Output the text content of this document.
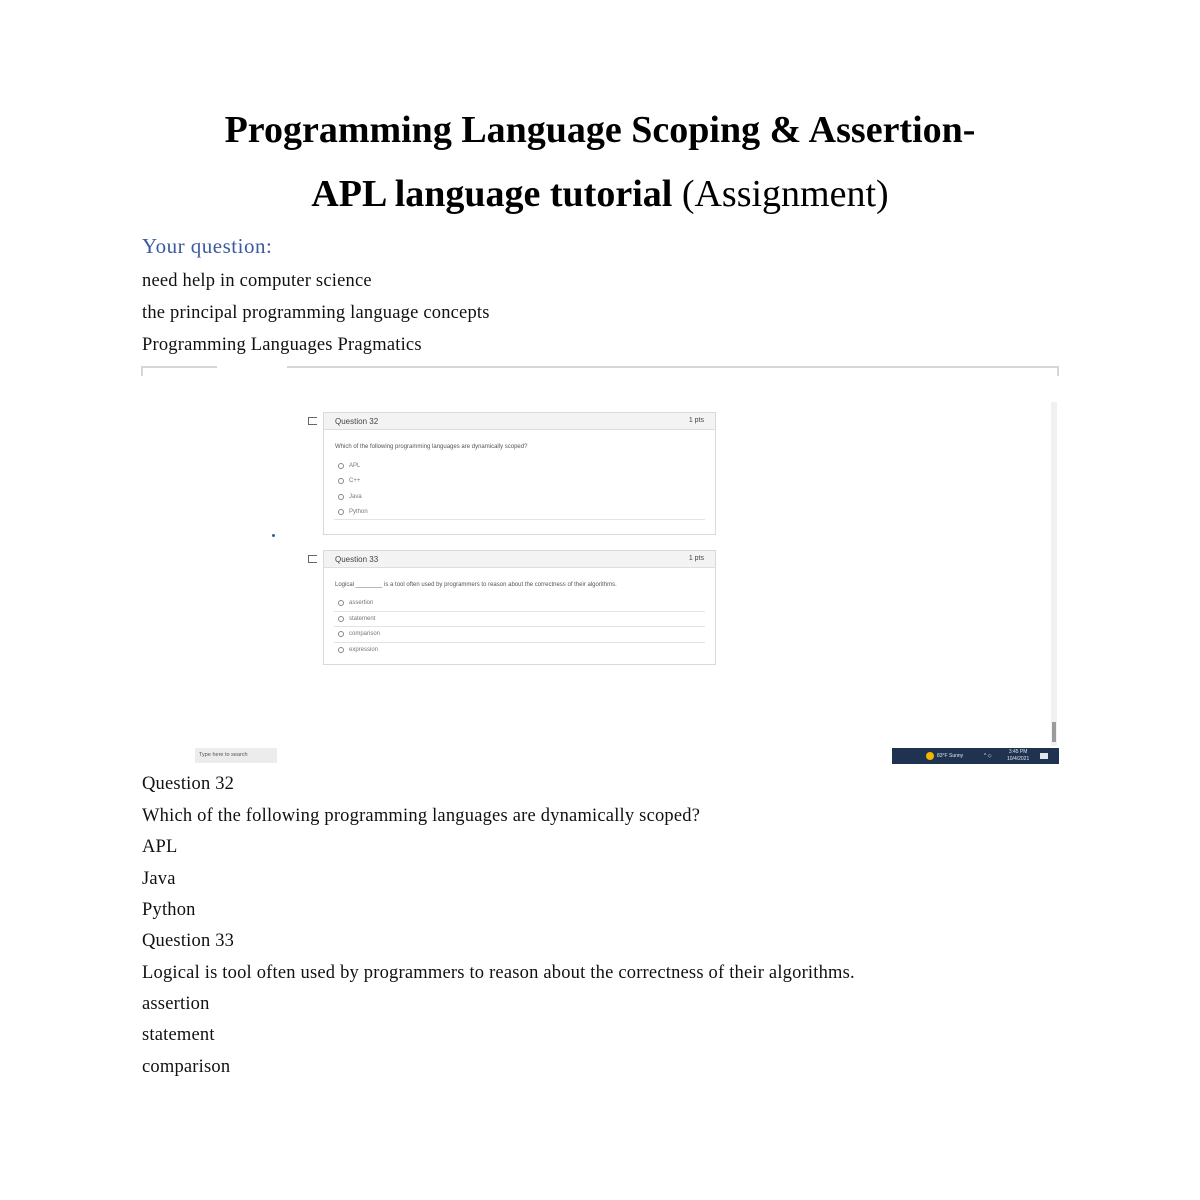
Programming Language Scoping & Assertion-
APL language tutorial (Assignment)
Your question:
need help in computer science
the principal programming language concepts
Programming Languages Pragmatics
Question 32	1 pts
Which of the following programming languages are dynamically scoped?
APL
C++
Java
Python
Question 33	1 pts
Logical ________ is a tool often used by programmers to reason about the correctness of their algorithms.
assertion
statement
comparison
expression
Type here to search	83°F Sunny	^ ◇
3:45 PM
10/4/2021
Question 32
Which of the following programming languages are dynamically scoped?
APL
Java
Python
Question 33
Logical is tool often used by programmers to reason about the correctness of their algorithms.
assertion
statement
comparison
